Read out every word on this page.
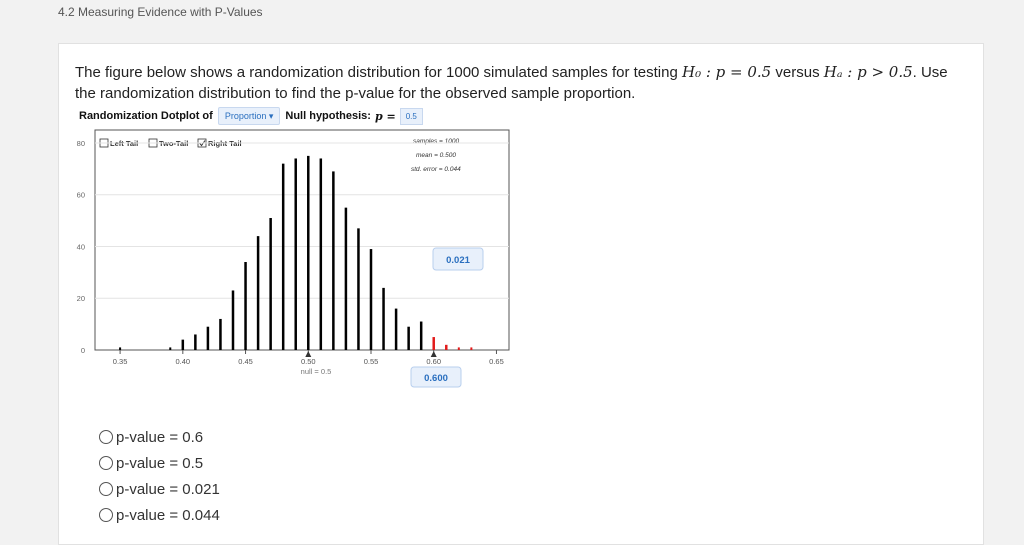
4.2 Measuring Evidence with P-Values
The figure below shows a randomization distribution for 1000 simulated samples for testing H₀ : p = 0.5 versus Hₐ : p > 0.5. Use
the randomization distribution to find the p-value for the observed sample proportion.
Randomization Dotplot of	Proportion ▾	Null hypothesis: p =	0.5
Left Tail	Two-Tail	Right Tail	samples = 1000
mean = 0.500
std. error = 0.044
0
20
40
60
80
0.35	0.40	0.45	0.50	0.55	0.60	0.65
0.021
null = 0.5
0.600
p-value = 0.6
p-value = 0.5
p-value = 0.021
p-value = 0.044
